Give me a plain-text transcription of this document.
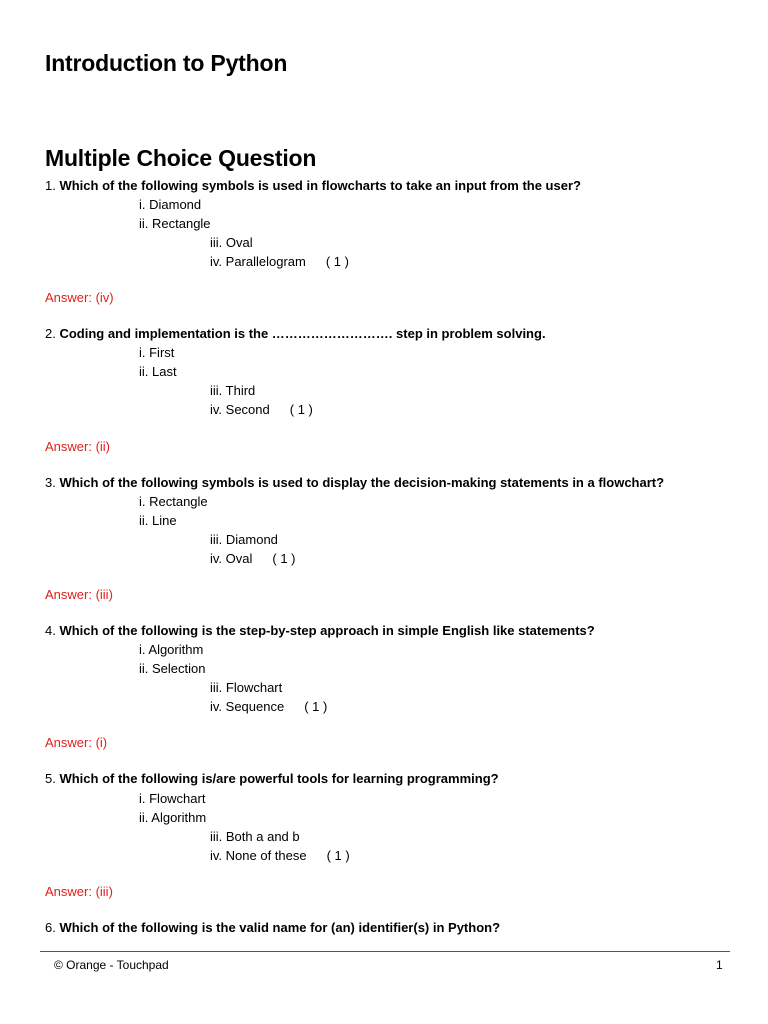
Introduction to Python
Multiple Choice Question
1. Which of the following symbols is used in flowcharts to take an input from the user?
i. Diamond
ii. Rectangle
iii. Oval
iv. Parallelogram ( 1 )
Answer: (iv)
2. Coding and implementation is the ………………………. step in problem solving.
i. First
ii. Last
iii. Third
iv. Second ( 1 )
Answer: (ii)
3. Which of the following symbols is used to display the decision-making statements in a flowchart?
i. Rectangle
ii. Line
iii. Diamond
iv. Oval ( 1 )
Answer: (iii)
4. Which of the following is the step-by-step approach in simple English like statements?
i. Algorithm
ii. Selection
iii. Flowchart
iv. Sequence ( 1 )
Answer: (i)
5. Which of the following is/are powerful tools for learning programming?
i. Flowchart
ii. Algorithm
iii. Both a and b
iv. None of these ( 1 )
Answer: (iii)
6. Which of the following is the valid name for (an) identifier(s) in Python?
© Orange - Touchpad	1
